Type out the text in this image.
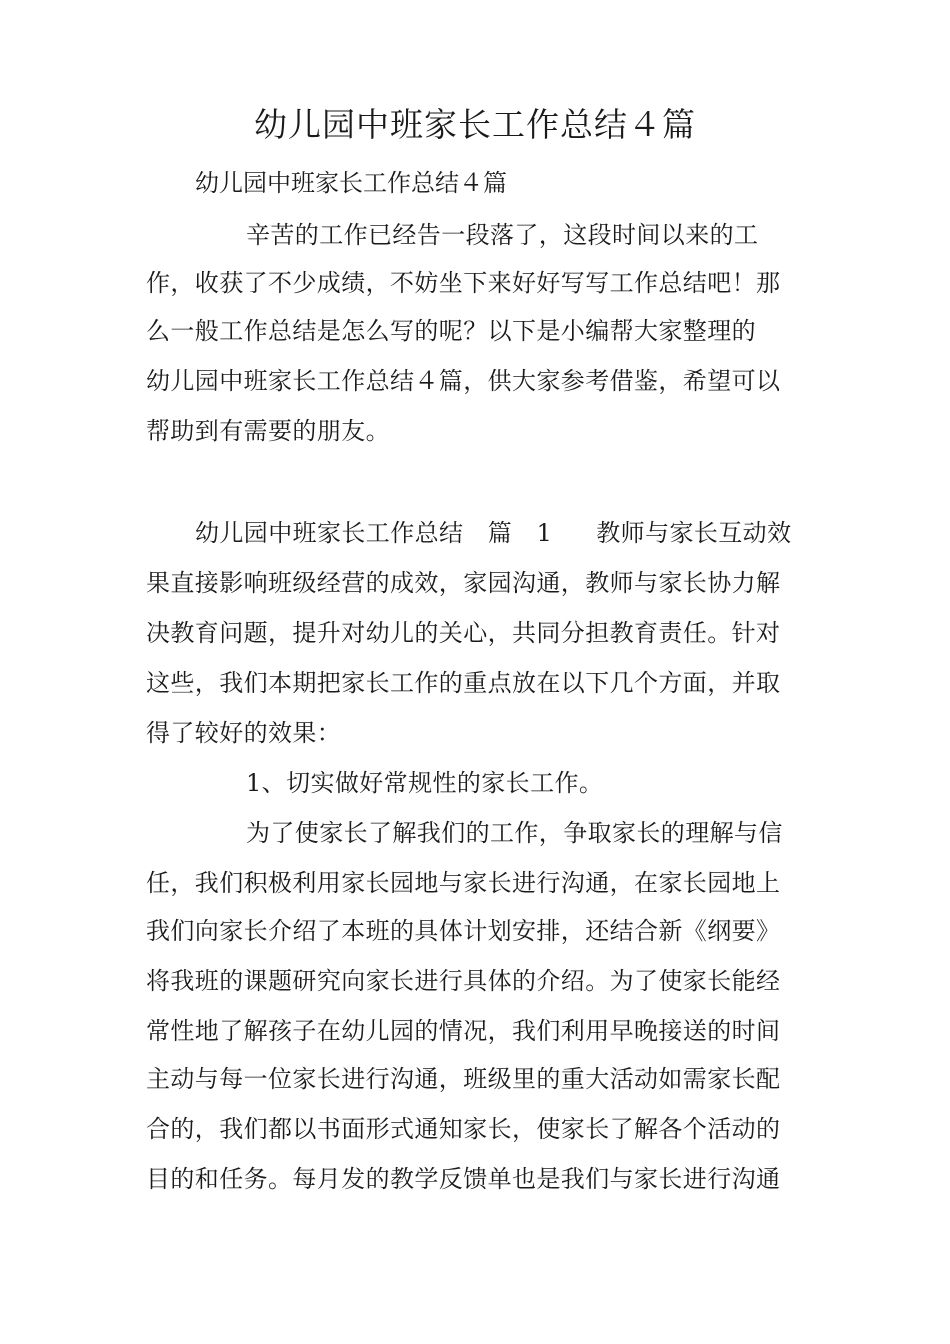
幼儿园中班家长工作总结４篇
幼儿园中班家长工作总结４篇
辛苦的工作已经告一段落了，这段时间以来的工
作，收获了不少成绩，不妨坐下来好好写写工作总结吧！那
么一般工作总结是怎么写的呢？以下是小编帮大家整理的
幼儿园中班家长工作总结４篇，供大家参考借鉴，希望可以
帮助到有需要的朋友。
幼儿园中班家长工作总结　篇　1 教师与家长互动效
果直接影响班级经营的成效，家园沟通，教师与家长协力解
决教育问题，提升对幼儿的关心，共同分担教育责任。针对
这些，我们本期把家长工作的重点放在以下几个方面，并取
得了较好的效果：
1、切实做好常规性的家长工作。
为了使家长了解我们的工作，争取家长的理解与信
任，我们积极利用家长园地与家长进行沟通，在家长园地上
我们向家长介绍了本班的具体计划安排，还结合新《纲要》
将我班的课题研究向家长进行具体的介绍。为了使家长能经
常性地了解孩子在幼儿园的情况，我们利用早晚接送的时间
主动与每一位家长进行沟通，班级里的重大活动如需家长配
合的，我们都以书面形式通知家长，使家长了解各个活动的
目的和任务。每月发的教学反馈单也是我们与家长进行沟通
